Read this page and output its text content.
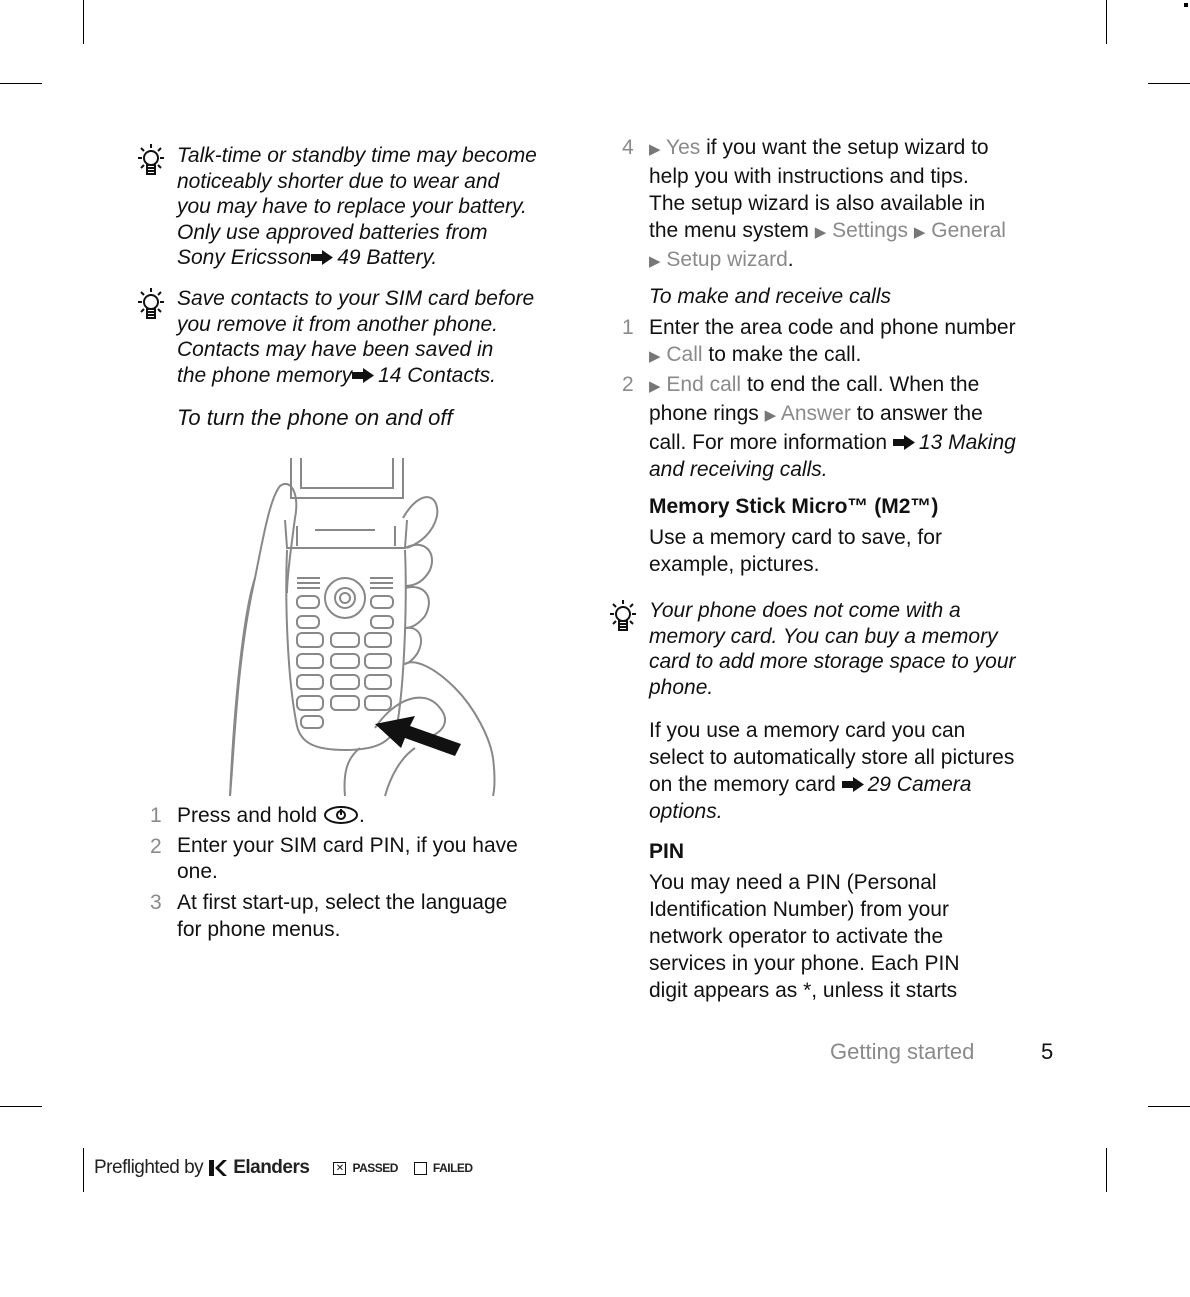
Talk-time or standby time may become
noticeably shorter due to wear and
you may have to replace your battery.
Only use approved batteries from
Sony Ericsson 49 Battery.
Save contacts to your SIM card before
you remove it from another phone.
Contacts may have been saved in
the phone memory 14 Contacts.
To turn the phone on and off
1 Press and hold .
2 Enter your SIM card PIN, if you have
one.
3 At first start-up, select the language
for phone menus.
4	▶ Yes if you want the setup wizard to
help you with instructions and tips.
The setup wizard is also available in
the menu system ▶ Settings ▶ General
▶ Setup wizard.
To make and receive calls
1 Enter the area code and phone number
▶ Call to make the call.
2	▶ End call to end the call. When the
phone rings ▶ Answer to answer the
call. For more information 13 Making
and receiving calls.
Memory Stick Micro™ (M2™)
Use a memory card to save, for
example, pictures.
Your phone does not come with a
memory card. You can buy a memory
card to add more storage space to your
phone.
If you use a memory card you can
select to automatically store all pictures
on the memory card 29 Camera
options.
PIN
You may need a PIN (Personal
Identification Number) from your
network operator to activate the
services in your phone. Each PIN
digit appears as *, unless it starts
Getting started	5
Preflighted by Elanders	✕ PASSED	FAILED
